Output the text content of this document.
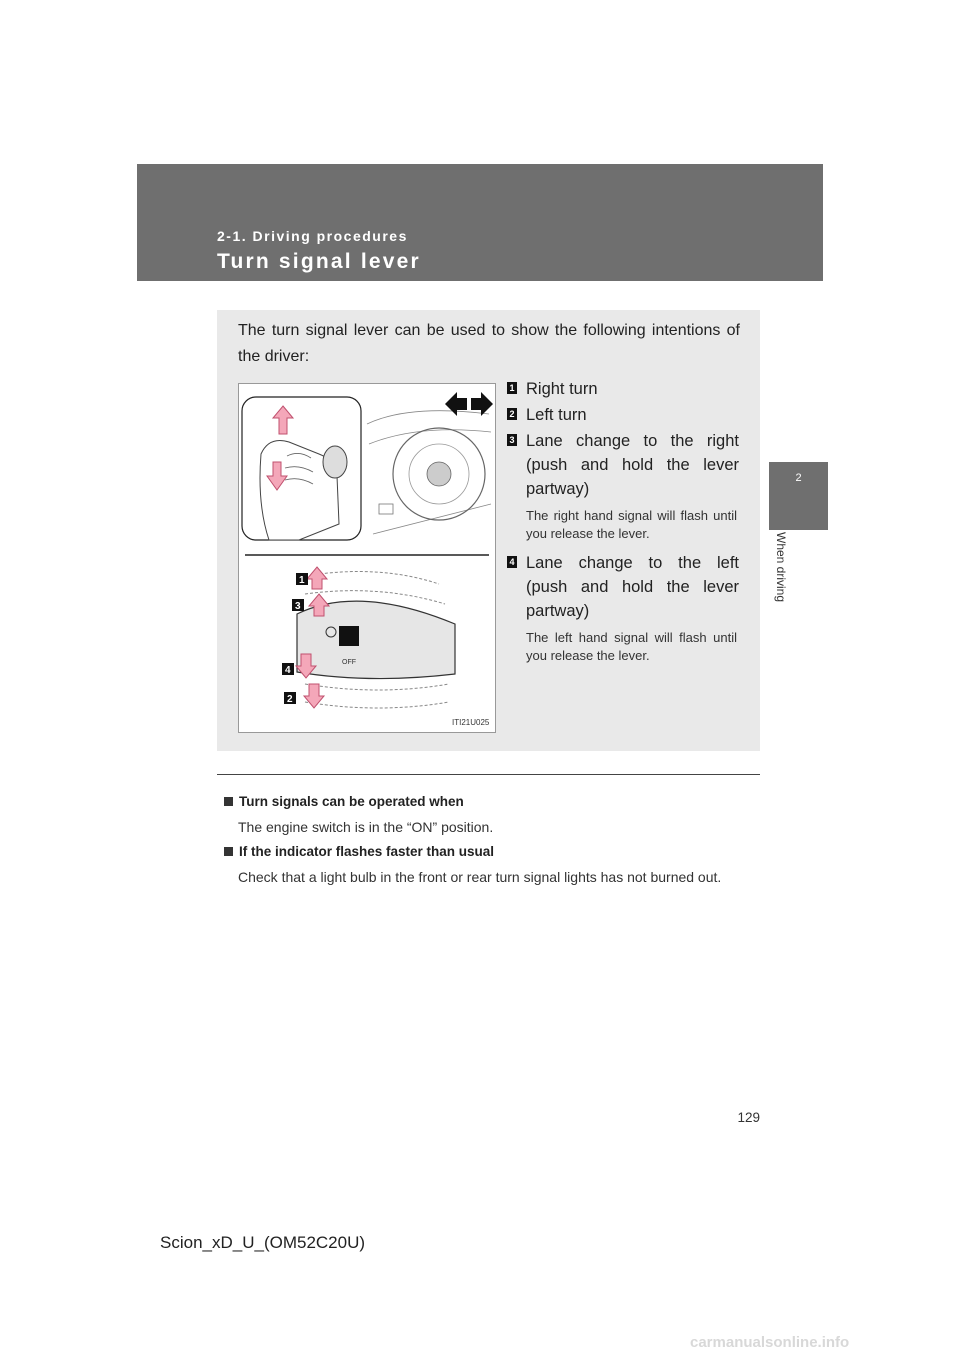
2-1. Driving procedures
Turn signal lever
2
When driving
The turn signal lever can be used to show the following intentions of the driver:
OFF
1
3
4
2
ITI21U025
1 Right turn
2 Left turn
3 Lane change to the right (push and hold the lever partway)
The right hand signal will flash until you release the lever.
4 Lane change to the left (push and hold the lever partway)
The left hand signal will flash until you release the lever.
Turn signals can be operated when
The engine switch is in the “ON” position.
If the indicator flashes faster than usual
Check that a light bulb in the front or rear turn signal lights has not burned out.
129
Scion_xD_U_(OM52C20U)
carmanualsonline.info
